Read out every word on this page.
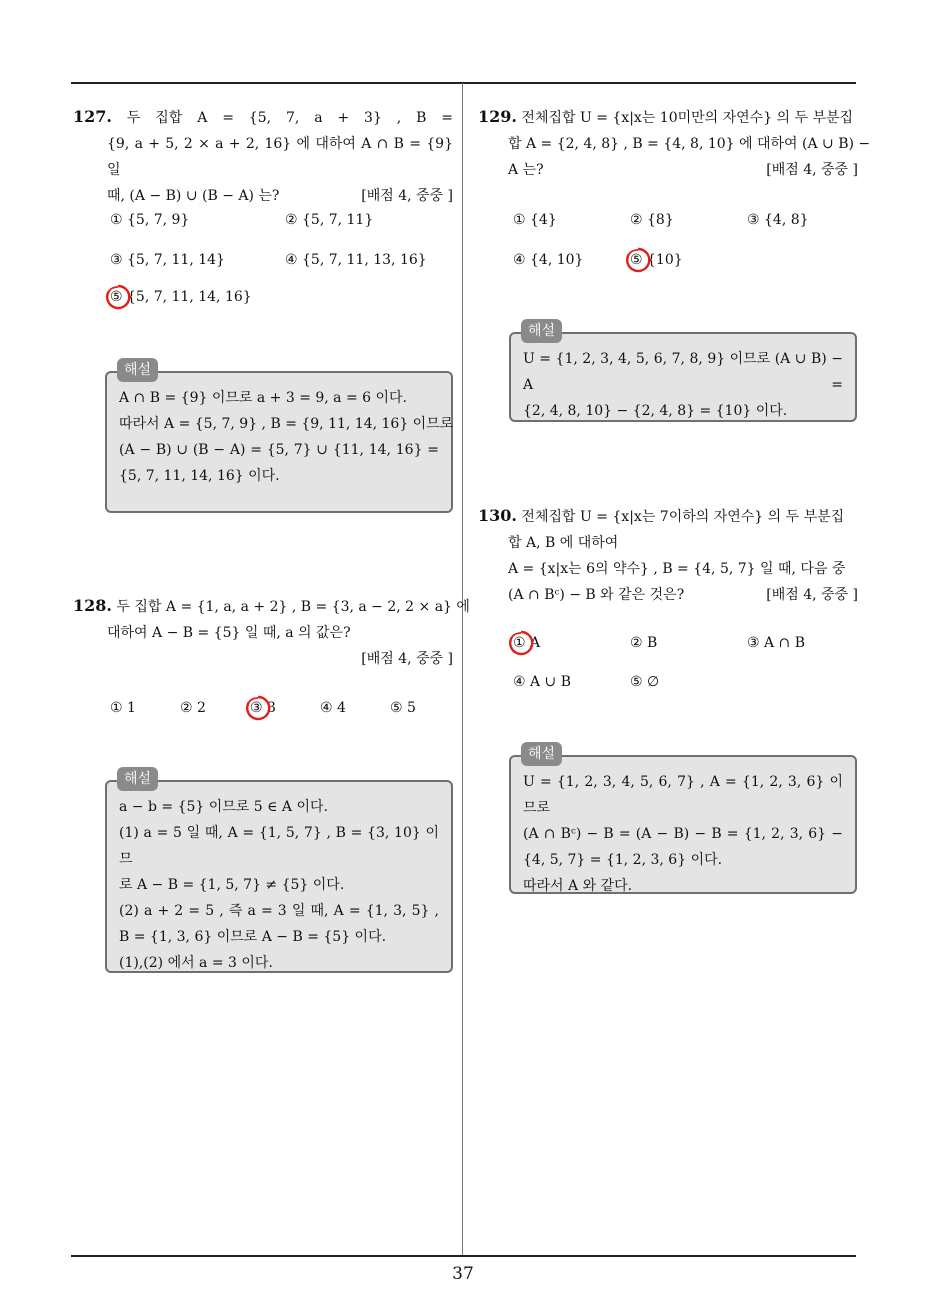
127. 두 집합 A = {5, 7, a + 3} , B =
{9, a + 5, 2 × a + 2, 16} 에 대하여 A ∩ B = {9} 일
때, (A − B) ∪ (B − A) 는?	[배점 4, 중중 ]
① {5, 7, 9}	② {5, 7, 11}
③ {5, 7, 11, 14}	④ {5, 7, 11, 13, 16}
⑤ {5, 7, 11, 14, 16}
해설
A ∩ B = {9} 이므로 a + 3 = 9, a = 6 이다.
따라서 A = {5, 7, 9} , B = {9, 11, 14, 16} 이므로
(A − B) ∪ (B − A) = {5, 7} ∪ {11, 14, 16} =
{5, 7, 11, 14, 16} 이다.
128. 두 집합 A = {1, a, a + 2} , B = {3, a − 2, 2 × a} 에
대하여 A − B = {5} 일 때, a 의 값은?
[배점 4, 중중 ]
① 1	② 2	③ 3	④ 4	⑤ 5
해설
a − b = {5} 이므로 5 ∈ A 이다.
(1) a = 5 일 때, A = {1, 5, 7} , B = {3, 10} 이므
로 A − B = {1, 5, 7} ≠ {5} 이다.
(2) a + 2 = 5 , 즉 a = 3 일 때, A = {1, 3, 5} ,
B = {1, 3, 6} 이므로 A − B = {5} 이다.
(1),(2) 에서 a = 3 이다.
129. 전체집합 U = {x|x는 10미만의 자연수} 의 두 부분집
합 A = {2, 4, 8} , B = {4, 8, 10} 에 대하여 (A ∪ B) −
A 는?	[배점 4, 중중 ]
① {4}	② {8}	③ {4, 8}
④ {4, 10}	⑤ {10}
해설
U = {1, 2, 3, 4, 5, 6, 7, 8, 9} 이므로 (A ∪ B) − A =
{2, 4, 8, 10} − {2, 4, 8} = {10} 이다.
130. 전체집합 U = {x|x는 7이하의 자연수} 의 두 부분집
합 A, B 에 대하여
A = {x|x는 6의 약수} , B = {4, 5, 7} 일 때, 다음 중
(A ∩ Bᶜ) − B 와 같은 것은?	[배점 4, 중중 ]
① A	② B	③ A ∩ B
④ A ∪ B	⑤ ∅
해설
U = {1, 2, 3, 4, 5, 6, 7} , A = {1, 2, 3, 6} 이므로
(A ∩ Bᶜ) − B = (A − B) − B = {1, 2, 3, 6} −
{4, 5, 7} = {1, 2, 3, 6} 이다.
따라서 A 와 같다.
37
